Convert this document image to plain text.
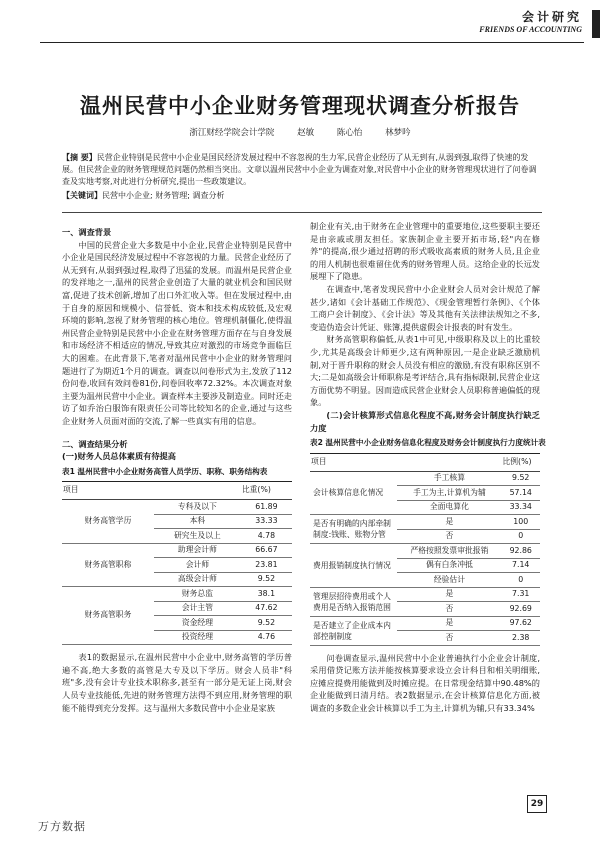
会计研究
FRIENDS OF ACCOUNTING
温州民营中小企业财务管理现状调查分析报告
浙江财经学院会计学院	赵敏	陈心怡	林梦吟
【摘 要】民营企业特别是民营中小企业是国民经济发展过程中不容忽视的生力军,民营企业经历了从无到有,从弱到强,取得了快速的发展。但民营企业的财务管理规范问题仍然相当突出。文章以温州民营中小企业为调查对象,对民营中小企业的财务管理现状进行了问卷调查及实地考察,对此进行分析研究,提出一些政策建议。
【关键词】民营中小企业; 财务管理; 调查分析
一、调查背景

中国的民营企业大多数是中小企业,民营企业特别是民营中小企业是国民经济发展过程中不容忽视的力量。民营企业经历了从无到有,从弱到强过程,取得了迅猛的发展。而温州是民营企业的发祥地之一,温州的民营企业创造了大量的就业机会和国民财富,促进了技术创新,增加了出口外汇收入等。但在发展过程中,由于自身的原因和规模小、信誉低、资本和技术构成较低,及宏观环境的影响,忽视了财务管理的核心地位。管理机制僵化,使得温州民营企业特别是民营中小企业在财务管理方面存在与自身发展和市场经济不相适应的情况,导致其应对激烈的市场竞争面临巨大的困难。在此背景下,笔者对温州民营中小企业的财务管理问题进行了为期近1个月的调查。调查以问卷形式为主,发放了112份问卷,收回有效问卷81份,问卷回收率72.32%。本次调查对象主要为温州民营中小企业。调查样本主要涉及制造业。同时还走访了如乔治白服饰有限责任公司等比较知名的企业,通过与这些企业财务人员面对面的交流,了解一些真实有用的信息。

二、调查结果分析
(一)财务人员总体素质有待提高
表1 温州民营中小企业财务高管人员学历、职称、职务结构表
项目		比重(%)
财务高管学历	专科及以下	61.89
	本科	33.33
	研究生及以上	4.78
财务高管职称	助理会计师	66.67
	会计师	23.81
	高级会计师	9.52
财务高管职务	财务总监	38.1
	会计主管	47.62
	资金经理	9.52
	投资经理	4.76

表1的数据显示,在温州民营中小企业中,财务高管的学历普遍不高,绝大多数的高管是大专及以下学历。财会人员非"科班"多,没有会计专业技术职称多,甚至有一部分是无证上岗,财会人员专业技能低,先进的财务管理方法得不到应用,财务管理的职能不能得到充分发挥。这与温州大多数民营中小企业是家族

制企业有关,由于财务在企业管理中的重要地位,这些要职主要还是由亲戚或朋友担任。家族制企业主要开拓市场,轻"内在修养"的提高,很少通过招聘的形式吸收高素质的财务人员,且企业的用人机制也很难留住优秀的财务管理人员。这给企业的长远发展埋下了隐患。

在调查中,笔者发现民营中小企业财会人员对会计规范了解甚少,诸如《会计基础工作规范》、《现金管理暂行条例》、《个体工商户会计制度》、《会计法》等及其他有关法律法规知之不多,变造伪造会计凭证、账簿,提供虚假会计报表的时有发生。

财务高管职称偏低,从表1中可见,中级职称及以上的比重较少,尤其是高级会计师更少,这有两种原因,一是企业缺乏激励机制,对于晋升职称的财会人员没有相应的激励,有没有职称区别不大;二是如高级会计师职称是考评结合,具有指标限制,民营企业这方面优势不明显。因而造成民营企业财会人员职称普遍偏低的现象。

(二)会计核算形式信息化程度不高,财务会计制度执行缺乏力度
表2 温州民营中小企业财务信息化程度及财务会计制度执行力度统计表
项目		比例(%)
会计核算信息化情况	手工核算	9.52
	手工为主,计算机为辅	57.14
	全面电算化	33.34
是否有明确的内部牵制制度:钱账、账物分管	是	100
	否	0
费用报销制度执行情况	严格按照发票审批报销	92.86
	偶有白条冲抵	7.14
	经验估计	0
管理层招待费用或个人费用是否纳入报销范围	是	7.31
	否	92.69
是否建立了企业成本内部控制制度	是	97.62
	否	2.38

问卷调查显示,温州民营中小企业普遍执行小企业会计制度,采用借贷记账方法并能按核算要求设立会计科目和相关明细账,应摊应提费用能做到及时摊应提。在日常现金结算中90.48%的企业能做到日清月结。表2数据显示,在会计核算信息化方面,被调查的多数企业会计核算以手工为主,计算机为辅,只有33.34%

29
万方数据
